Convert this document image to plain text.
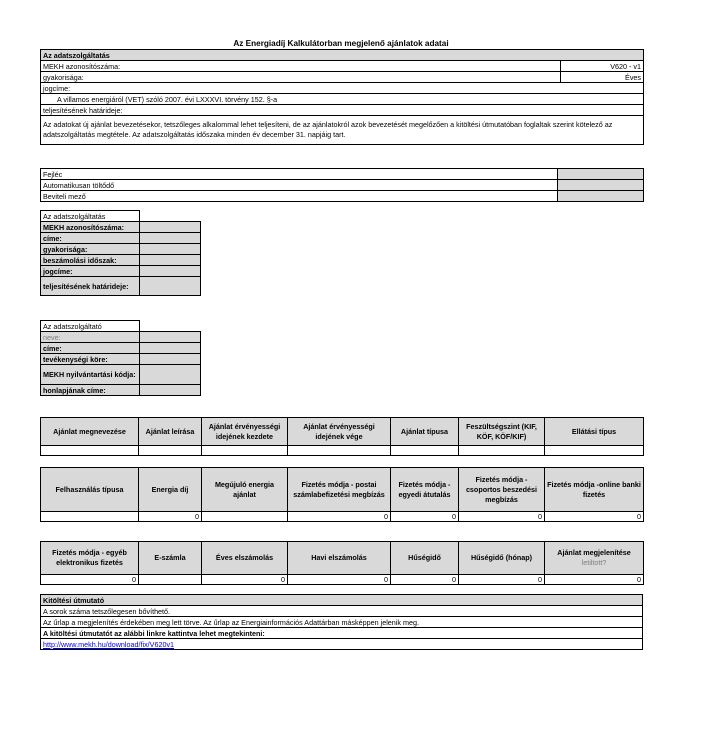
Az Energiadíj Kalkulátorban megjelenő ajánlatok adatai
Az adatszolgáltatás	
MEKH azonosítószáma:	V620 - v1
gyakorisága:	Éves
jogcíme:	
A villamos energiáról (VET) szóló 2007. évi LXXXVI. törvény 152. §-a	
teljesítésének határideje:	
Az adatokat új ajánlat bevezetésekor, tetszőleges alkalommal lehet teljesíteni, de az ajánlatokról azok bevezetését megelőzően a kitöltési útmutatóban foglaltak szerint kötelező az adatszolgáltatás megtétele. Az adatszolgáltatás időszaka minden év december 31. napjáig tart.	
Fejléc	
Automatikusan töltődő	
Beviteli mező	
Az adatszolgáltatás	
MEKH azonosítószáma:	
címe:	
gyakorisága:	
beszámolási időszak:	
jogcíme:	
teljesítésének határideje:	
Az adatszolgáltató	
neve:	
címe:	
tevékenységi köre:	
MEKH nyilvántartási kódja:	
honlapjának címe:	
Ajánlat megnevezése	Ajánlat leírása	Ajánlat érvényességi idejének kezdete	Ajánlat érvényességi idejének vége	Ajánlat típusa	Feszültségszint (KIF, KÖF, KÖF/KIF)	Ellátási típus

Felhasználás típusa	Energia díj	Megújuló energia ajánlat	Fizetés módja - postai számlabefizetési megbízás	Fizetés módja - egyedi átutalás	Fizetés módja - csoportos beszedési megbízás	Fizetés módja -online banki fizetés
	0		0	0	0	0
Fizetés módja - egyéb elektronikus fizetés	E-számla	Éves elszámolás	Havi elszámolás	Hűségidő	Hűségidő (hónap)	Ajánlat megjelenítése
letiltott?
0		0	0	0	0	0
Kitöltési útmutató
A sorok száma tetszőlegesen bővíthető.
Az űrlap a megjelenítés érdekében meg lett törve. Az űrlap az Energiainformációs Adattárban másképpen jelenik meg.
A kitöltési útmutatót az alábbi linkre kattintva lehet megtekinteni:
http://www.mekh.hu/download/fix/V620v1
